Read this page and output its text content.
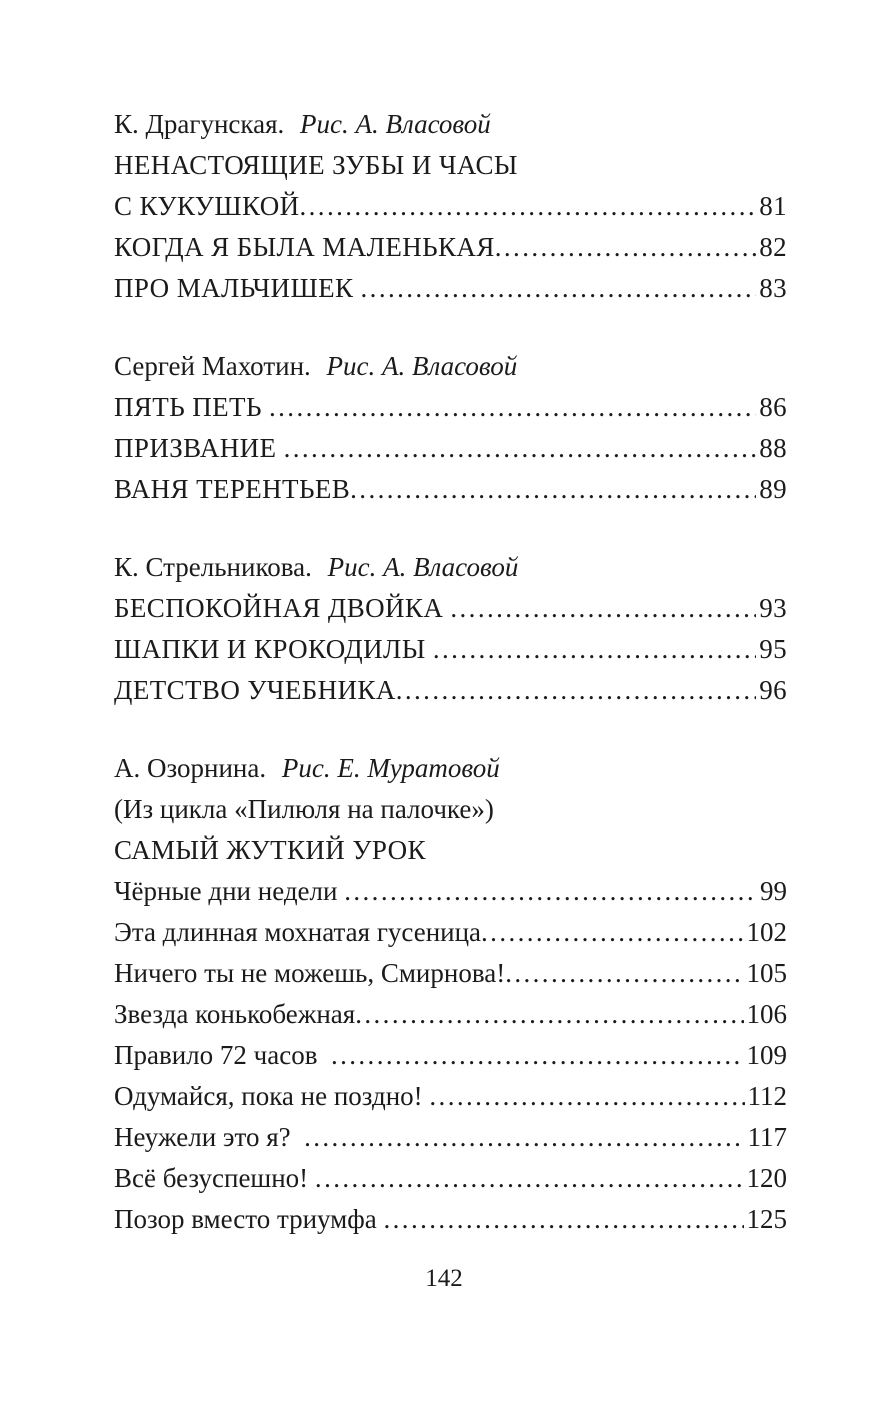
К. Драгунская. Рис. А. Власовой
НЕНАСТОЯЩИЕ ЗУБЫ И ЧАСЫ
С КУКУШКОЙ .....	81
КОГДА Я БЫЛА МАЛЕНЬКАЯ .....	82
ПРО МАЛЬЧИШЕК .....	83
Сергей Махотин. Рис. А. Власовой
ПЯТЬ ПЕТЬ .....	86
ПРИЗВАНИЕ .....	88
ВАНЯ ТЕРЕНТЬЕВ .....	89
К. Стрельникова. Рис. А. Власовой
БЕСПОКОЙНАЯ ДВОЙКА .....	93
ШАПКИ И КРОКОДИЛЫ .....	95
ДЕТСТВО УЧЕБНИКА .....	96
А. Озорнина. Рис. Е. Муратовой
(Из цикла «Пилюля на палочке»)
САМЫЙ ЖУТКИЙ УРОК
Чёрные дни недели .....	99
Эта длинная мохнатая гусеница .....	102
Ничего ты не можешь, Смирнова! .....	105
Звезда конькобежная .....	106
Правило 72 часов .....	109
Одумайся, пока не поздно! .....	112
Неужели это я? .....	117
Всё безуспешно! .....	120
Позор вместо триумфа .....	125
142
